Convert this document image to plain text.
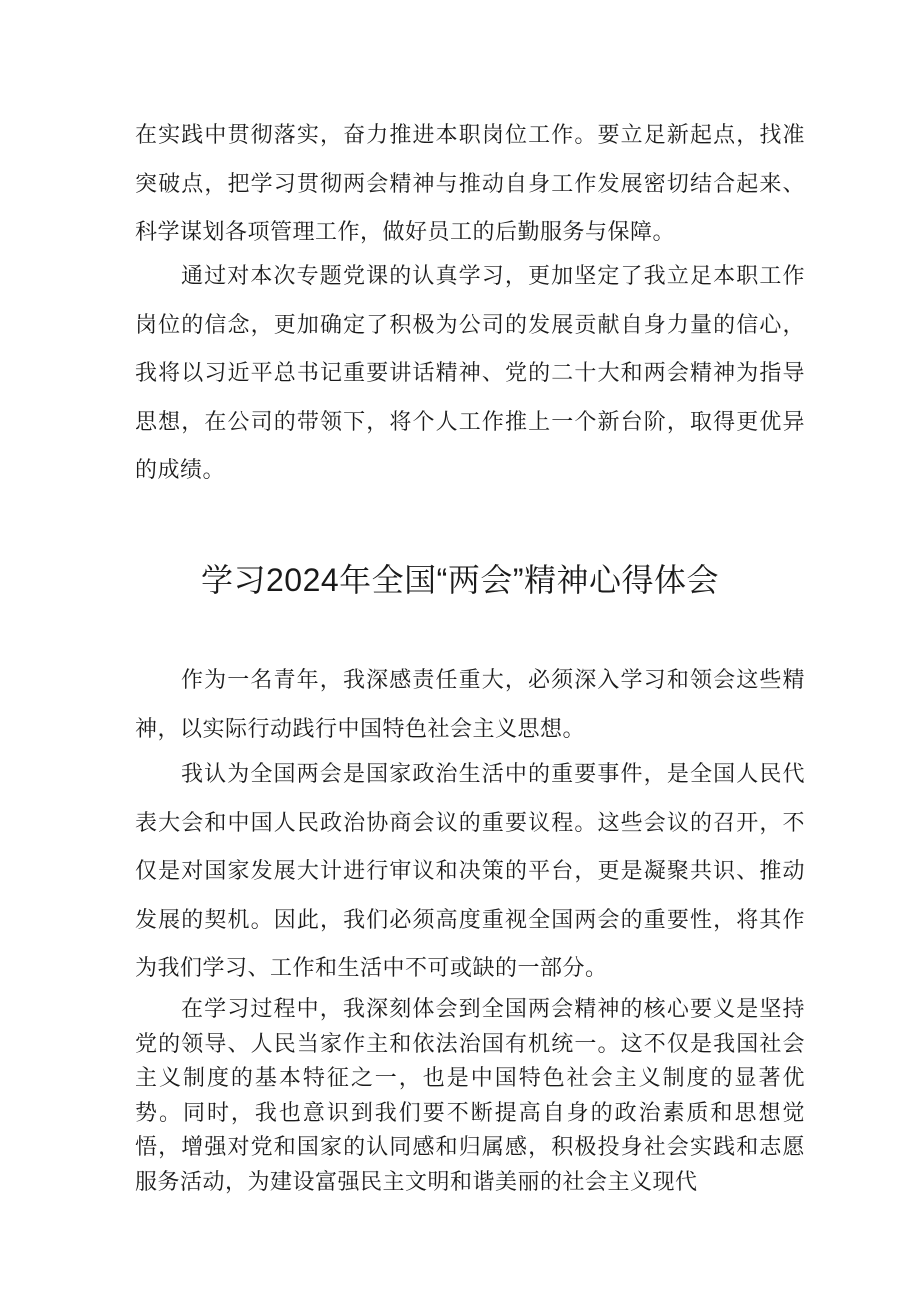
在实践中贯彻落实，奋力推进本职岗位工作。要立足新起点，找准突破点，把学习贯彻两会精神与推动自身工作发展密切结合起来、科学谋划各项管理工作，做好员工的后勤服务与保障。

通过对本次专题党课的认真学习，更加坚定了我立足本职工作岗位的信念，更加确定了积极为公司的发展贡献自身力量的信心，我将以习近平总书记重要讲话精神、党的二十大和两会精神为指导思想，在公司的带领下，将个人工作推上一个新台阶，取得更优异的成绩。

学习2024年全国“两会”精神心得体会

作为一名青年，我深感责任重大，必须深入学习和领会这些精神，以实际行动践行中国特色社会主义思想。

我认为全国两会是国家政治生活中的重要事件，是全国人民代表大会和中国人民政治协商会议的重要议程。这些会议的召开，不仅是对国家发展大计进行审议和决策的平台，更是凝聚共识、推动发展的契机。因此，我们必须高度重视全国两会的重要性，将其作为我们学习、工作和生活中不可或缺的一部分。

在学习过程中，我深刻体会到全国两会精神的核心要义是坚持党的领导、人民当家作主和依法治国有机统一。这不仅是我国社会主义制度的基本特征之一，也是中国特色社会主义制度的显著优势。同时，我也意识到我们要不断提高自身的政治素质和思想觉悟，增强对党和国家的认同感和归属感，积极投身社会实践和志愿服务活动，为建设富强民主文明和谐美丽的社会主义现代
